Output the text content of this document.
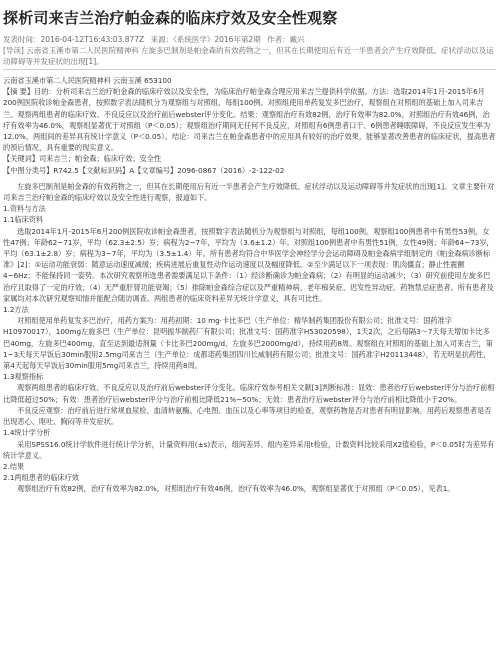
探析司来吉兰治疗帕金森的临床疗效及安全性观察
发表时间：2016-04-12T16:43:03.877Z 来源：《系统医学》2016年第2期 作者：戴兴
[导读] 云南省玉溪市第二人民医院精神科 左旋多巴制剂是帕金森的有效药物之一，但其在长期使用后有近一半患者会产生疗效降低、症状浮动以及运动障碍等并发症状的出现[1]。

云南省玉溪市第二人民医院精神科 云南玉溪 653100

【摘 要】目的：分析司来吉兰治疗帕金森的临床疗效以及安全性，为临床治疗帕金森合理应用来吉兰提供科学依据。方法：选取2014年1月-2015年6月200例医院收诊帕金森患者，按照数字表法随机分为观察组与对照组，每组100例。对照组使用单药复发多巴治疗，观察组在对照组的基础上加入司来吉兰。观察两组患者的临床疗效、不良反应以及治疗前后webster评分变化。结果：观察组治疗有效82例，治疗有效率为82.0%，对照组治疗有效46例，治疗有效率为46.0%，观察组显著优于对照组（P＜0.05）；观察组治疗期间无任何不良反应，对照组有6例患者口干、6例患者睡眠障碍，不良反应发生率为12.0%，两组间的差异具有统计学意义（P＜0.05）。结论：司来吉兰在帕金森患者中的应用具有较好的治疗效果，能够显著改善患者的临床症状，提高患者的预后情况，具有重要的现实意义。

【关键词】司来吉兰；帕金森；临床疗效；安全性

【中图分类号】R742.5【文献标识码】A【文章编号】2096-0867（2016）-2-122-02

左旋多巴制剂是帕金森的有效药物之一，但其在长期使用后有近一半患者会产生疗效降低、症状浮动以及运动障碍等并发症状的出现[1]。文章主要针对司来吉兰治疗帕金森的临床疗效以及安全性进行观察，报道如下。

1.资料与方法

1.1临床资料

选取2014年1月-2015年6月200例医院收诊帕金森患者，按照数字表法随机分为观察组与对照组，每组100例。观察组100例患者中有男性53例，女性47例；年龄62~71岁，平均（62.3±2.5）岁；病程为2~7年，平均为（3.6±1.2）年。对照组100例患者中有男性51例，女性49例；年龄64~73岁，平均（63.1±2.8）岁；病程为3~7年，平均为（3.5±1.4）年。所有患者均符合中华医学会神经学分会运动障碍及帕金森病学组制定的《帕金森病诊断标准》[2]：①运动功能衰弱：随意运动速度减缓；疾病进展后重复性动作运动速度以及幅度降低。②至少满足以下一项表现：肌肉僵直；静止性震颤4~6Hz；不能保持同一姿势。本次研究观察所选患者需要满足以下条件：（1）经诊断确诊为帕金森病；（2）有明显的运动减少；（3）研究前使用左旋多巴治疗且取得了一定的疗效；（4）无严重肝肾功能衰竭；（5）排除帕金森综合症以及严重精神病、老年痴呆症、迟发性异动症、药物禁忌症患者。所有患者及家属均对本次研究观察知情并能配合随访调查。两组患者的临床资料差异无统计学意义，具有可比性。

1.2方法

对照组使用单药复发多巴治疗，用药方案为：用药初期：10 mg·卡比多巴（生产单位：精华制药集团股份有限公司；批准文号：国药准字H10970017），100mg左旋多巴（生产单位：昆明振华制药厂有限公司；批准文号：国药准字H53020598），1天2次，之后每隔3～7天每天增加卡比多巴40mg，左旋多巴400mg，直至达到最适剂量（卡比多巴200mg/d、左旋多巴2000mg/d），持续用药8周。观察组在对照组的基础上加入司来吉兰，第1~3天每天早饭后30min服用2.5mg司来吉兰（生产单位：成都诺药集团四川长威制药有限公司；批准文号：国药准字H20113448），若无明显抗药性，第4天起每天早饭后30min服用5mg司来吉兰，持续用药8周。

1.3观察指标

观察两组患者的临床疗效、不良反应以及治疗前后webster评分变化。临床疗效参考相关文献[3]判断标准：显效：患者治疗后webster评分与治疗前相比降低超过50%；有效：患者治疗后webster评分与治疗前相比降低21%~50%；无效：患者治疗后webster评分与治疗前相比降低小于20%。

不良反应观察：治疗前后进行常规血尿检、血清转氨酶、心电图、血压以及心率等项目的检查，观察药物是否对患者有明显影响。用药后观察患者是否出现恶心、呕吐、胸闷等并发症状。

1.4统计学分析

采用SPSS16.0统计学软件进行统计学分析，计量资料用(±s)表示，组间差异、组内差异采用t检验，计数资料比较采用X2值检验，P＜0.05时为差异有统计学意义。

2.结果

2.1两组患者的临床疗效

观察组治疗有效82例，治疗有效率为82.0%，对照组治疗有效46例，治疗有效率为46.0%，观察组显著优于对照组（P＜0.05），见表1。
